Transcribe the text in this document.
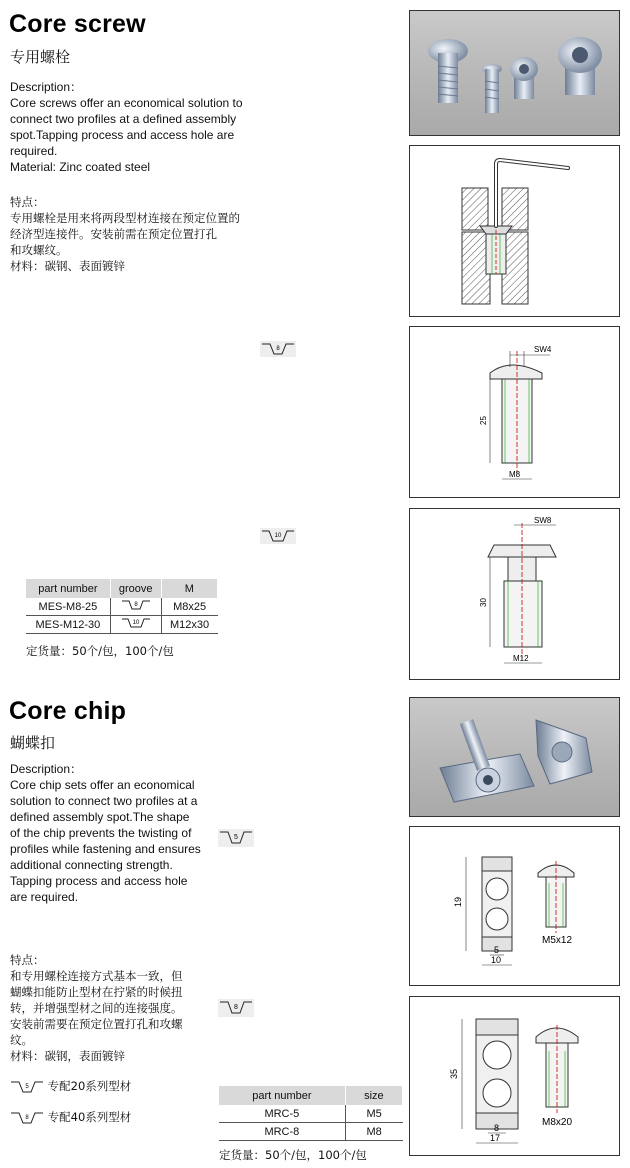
Core screw
专用螺栓
Description：
Core screws offer an economical solution to
connect two profiles at a defined assembly
spot.Tapping process and access hole are
required.
Material: Zinc coated steel
特点：
专用螺栓是用来将两段型材连接在预定位置的
经济型连接件。安装前需在预定位置打孔
和攻螺纹。
材料：碳钢、表面镀锌
8
10
part number	groove	M
MES-M8-25	8	M8x25
MES-M12-30	10	M12x30
定货量：50个/包，100个/包
SW4
25
M8
SW8
30
M12
Core chip
蝴蝶扣
Description：
Core chip sets offer an economical
solution to connect two profiles at a
defined assembly spot.The shape
of the chip prevents the twisting of
profiles while fastening and ensures
additional connecting strength.
Tapping process and access hole
are required.
特点：
和专用螺栓连接方式基本一致，但
蝴蝶扣能防止型材在拧紧的时候扭
转，并增强型材之间的连接强度。
安装前需要在预定位置打孔和攻螺
纹。
材料：碳钢，表面镀锌
5
8
5 专配20系列型材
8 专配40系列型材
part number	size
MRC-5	M5
MRC-8	M8
定货量：50个/包，100个/包
19
5
10
M5x12
35
8
17
M8x20
